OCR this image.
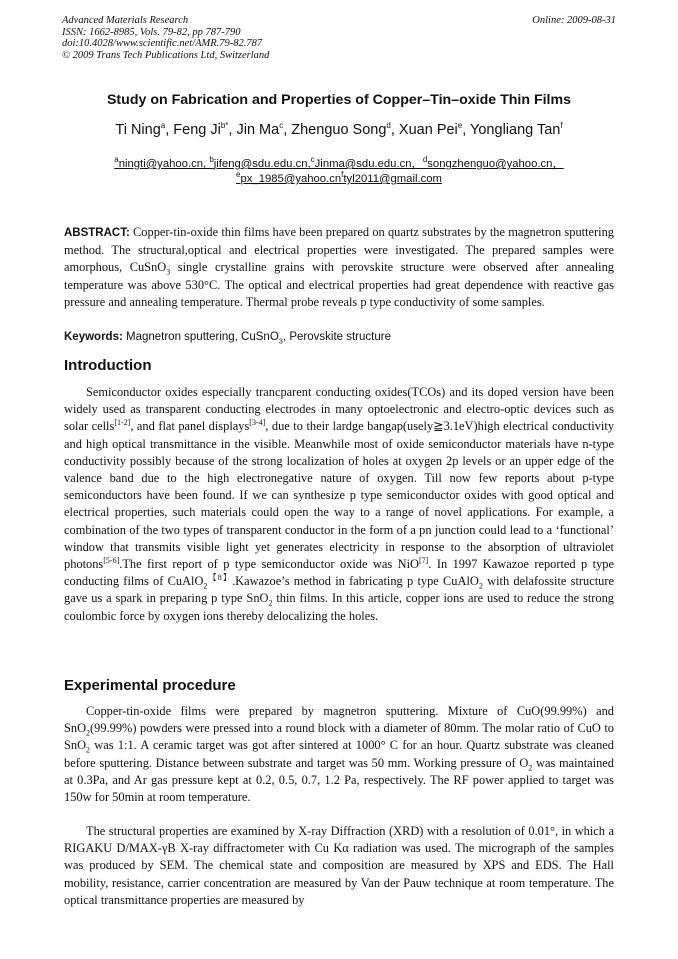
Advanced Materials Research
ISSN: 1662-8985, Vols. 79-82, pp 787-790
doi:10.4028/www.scientific.net/AMR.79-82.787
© 2009 Trans Tech Publications Ltd, Switzerland
Online: 2009-08-31
Study on Fabrication and Properties of Copper–Tin–oxide Thin Films
Ti Ning$^a$, Feng $Ji^{b*}$, Jin Ma$^c$, Zhenguo Song$^d$, Xuan Pei$^e$, Yongliang Tan$^f$
$^a$ningti@yahoo.cn, $^b$jifeng@sdu.edu.cn,$^c$Jinma@sdu.edu.cn，$^d$songzhenguo@yahoo.cn，
$^epx\_1985@yahoo.cn^ftyl2011@gmail.com$
ABSTRACT: Copper-tin-oxide thin films have been prepared on quartz substrates by the magnetron sputtering method. The structural,optical and electrical properties were investigated. The prepared samples were amorphous, CuSnO$_3$ single crystalline grains with perovskite structure were observed after annealing temperature was above 530°C. The optical and electrical properties had great dependence with reactive gas pressure and annealing temperature. Thermal probe reveals p type conductivity of some samples.
Keywords: Magnetron sputtering, CuSnO$_3$, Perovskite structure
Introduction
Semiconductor oxides especially trancparent conducting oxides(TCOs) and its doped version have been widely used as transparent conducting electrodes in many optoelectronic and electro-optic devices such as solar cells[1-2], and flat panel displays[3-4], due to their lardge bangap(usely≧3.1eV)high electrical conductivity and high optical transmittance in the visible. Meanwhile most of oxide semiconductor materials have n-type conductivity possibly because of the strong localization of holes at oxygen 2p levels or an upper edge of the valence band due to the high electronegative nature of oxygen. Till now few reports about p-type semiconductors have been found. If we can synthesize p type semiconductor oxides with good optical and electrical properties, such materials could open the way to a range of novel applications. For example, a combination of the two types of transparent conductor in the form of a pn junction could lead to a ‘functional’ window that transmits visible light yet generates electricity in response to the absorption of ultraviolet photons[5-6].The first report of p type semiconductor oxide was NiO[7]. In 1997 Kawazoe reported p type conducting films of CuAlO$_2^{【8】}$.Kawazoe’s method in fabricating p type CuAlO$_2$ with delafossite structure gave us a spark in preparing p type SnO$_2$ thin films. In this article, copper ions are used to reduce the strong coulombic force by oxygen ions thereby delocalizing the holes.
Experimental procedure
Copper-tin-oxide films were prepared by magnetron sputtering. Mixture of CuO(99.99%) and SnO$_2$(99.99%) powders were pressed into a round block with a diameter of 80mm. The molar ratio of CuO to SnO$_2$ was 1:1. A ceramic target was got after sintered at 1000° C for an hour. Quartz substrate was cleaned before sputtering. Distance between substrate and target was 50 mm. Working pressure of $O_2$ was maintained at 0.3Pa, and Ar gas pressure kept at 0.2, 0.5, 0.7, 1.2 Pa, respectively. The RF power applied to target was 150w for 50min at room temperature.
The structural properties are examined by X-ray Diffraction (XRD) with a resolution of 0.01°, in which a RIGAKU D/MAX-γB X-ray diffractometer with Cu Kα radiation was used. The micrograph of the samples was produced by SEM. The chemical state and composition are measured by XPS and EDS. The Hall mobility, resistance, carrier concentration are measured by Van der Pauw technique at room temperature. The optical transmittance properties are measured by
